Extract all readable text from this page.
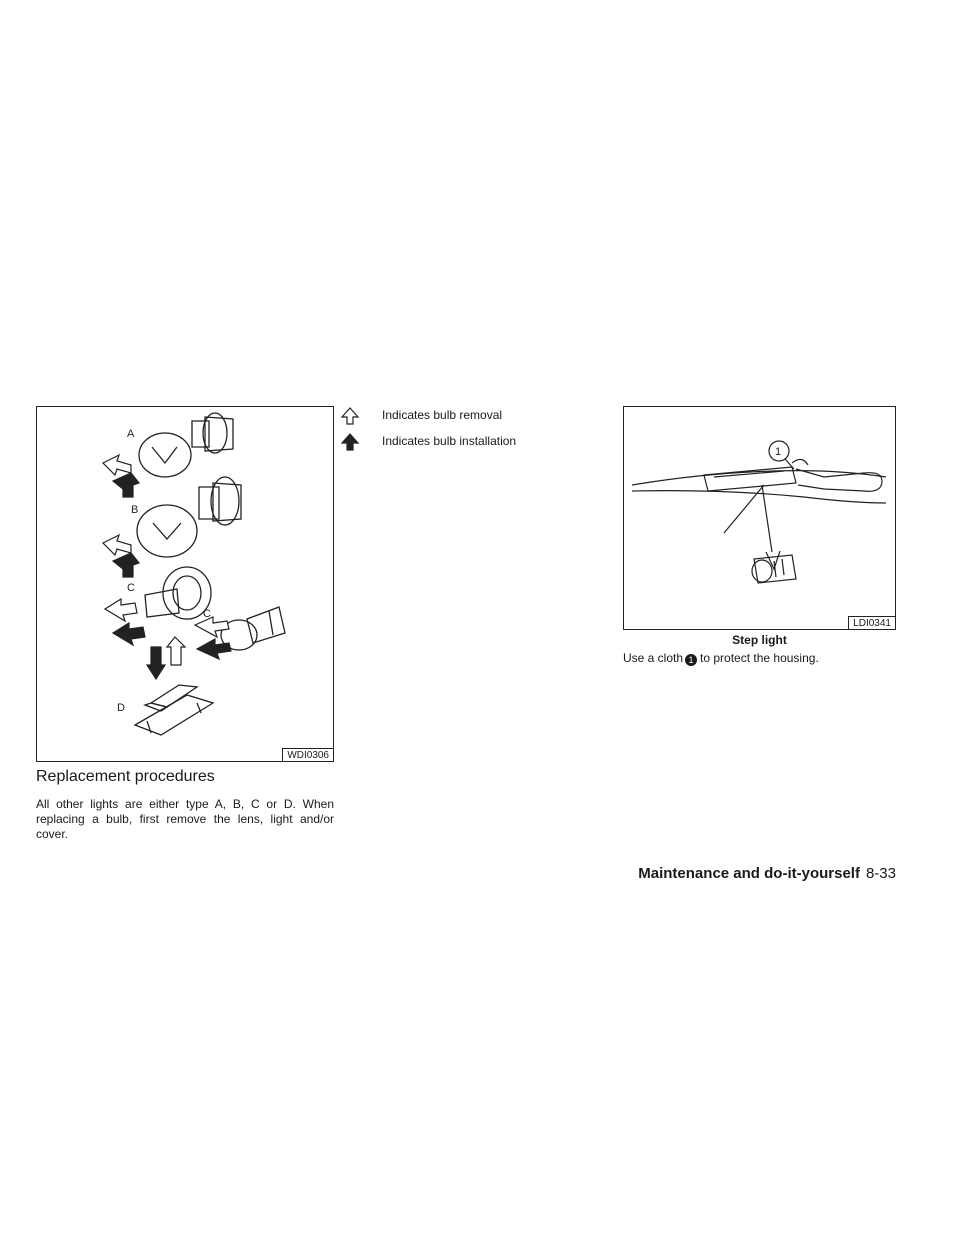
A
B
C
C
D
WDI0306
Replacement procedures

All other lights are either type A, B, C or D. When replacing a bulb, first remove the lens, light and/or cover.

Indicates bulb removal
Indicates bulb installation
1
LDI0341

Step light

Use a cloth 1 to protect the housing.

Maintenance and do-it-yourself 8-33
